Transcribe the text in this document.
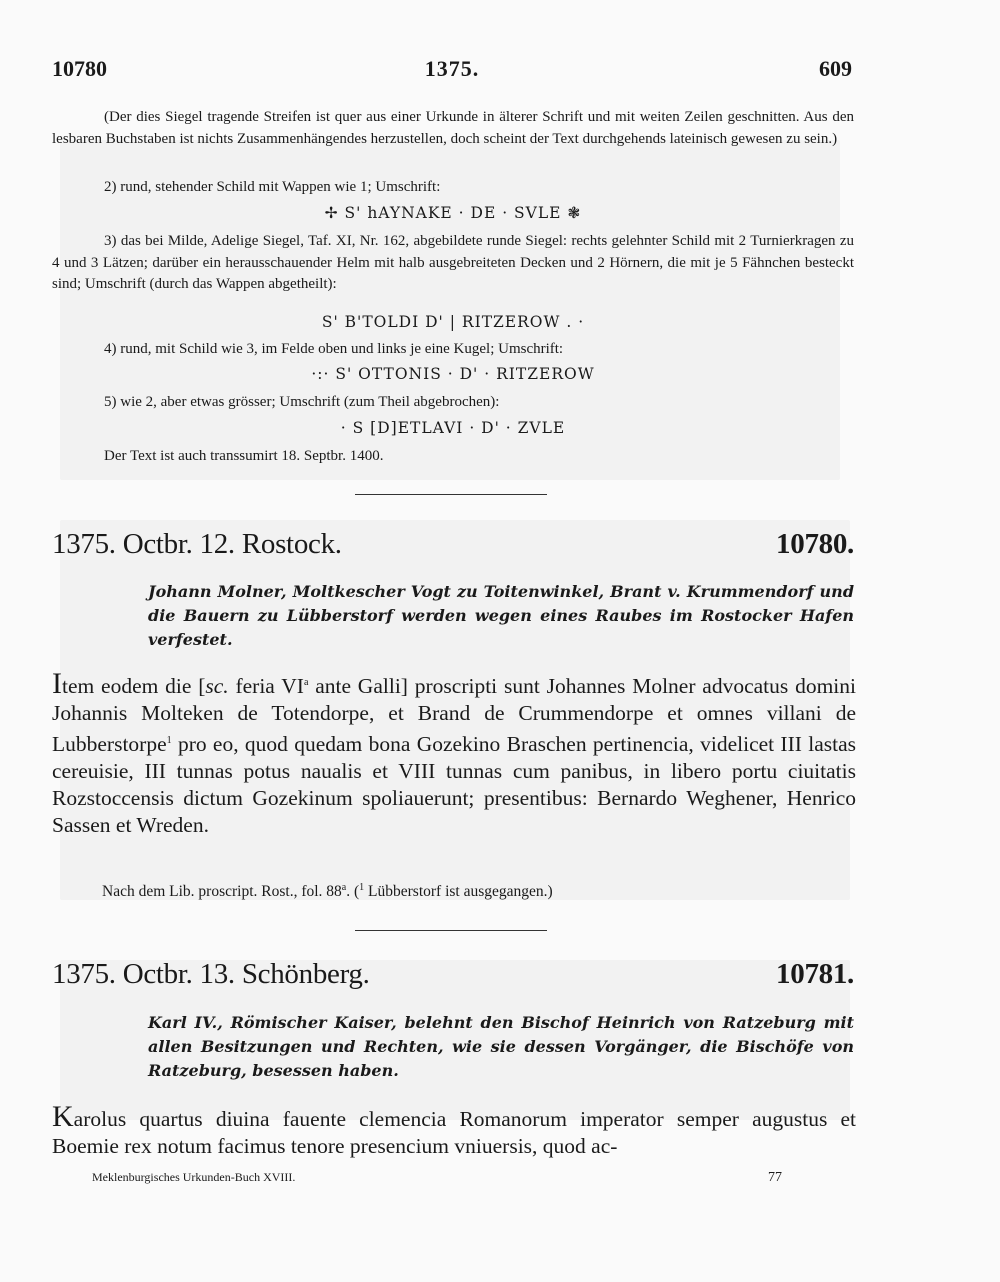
10780	1375.	609
(Der dies Siegel tragende Streifen ist quer aus einer Urkunde in älterer Schrift und mit weiten Zeilen geschnitten. Aus den lesbaren Buchstaben ist nichts Zusammenhängendes herzustellen, doch scheint der Text durchgehends lateinisch gewesen zu sein.)
2) rund, stehender Schild mit Wappen wie 1; Umschrift:
✢ S' hAYNAKE · DE · SVLE ❃
3) das bei Milde, Adelige Siegel, Taf. XI, Nr. 162, abgebildete runde Siegel: rechts gelehnter Schild mit 2 Turnierkragen zu 4 und 3 Lätzen; darüber ein herausschauender Helm mit halb ausgebreiteten Decken und 2 Hörnern, die mit je 5 Fähnchen besteckt sind; Umschrift (durch das Wappen abgetheilt):
S' B'TOLDI D' | RITZEROW . ·
4) rund, mit Schild wie 3, im Felde oben und links je eine Kugel; Umschrift:
·:· S' OTTONIS · D' · RITZEROW
5) wie 2, aber etwas grösser; Umschrift (zum Theil abgebrochen):
· S [D]ETLAVI · D' · ZVLE
Der Text ist auch transsumirt 18. Septbr. 1400.
1375. Octbr. 12. Rostock.	10780.
Johann Molner, Moltkescher Vogt zu Toitenwinkel, Brant v. Krummendorf und die Bauern zu Lübberstorf werden wegen eines Raubes im Rostocker Hafen verfestet.
Item eodem die [sc. feria $VI^a$ ante Galli] proscripti sunt Johannes Molner advocatus domini Johannis Molteken de Totendorpe, et Brand de Crummendorpe et omnes villani de Lubberstorpe$^1$ pro eo, quod quedam bona Gozekino Braschen pertinencia, videlicet III lastas cereuisie, III tunnas potus naualis et VIII tunnas cum panibus, in libero portu ciuitatis Rozstoccensis dictum Gozekinum spoliauerunt; presentibus: Bernardo Weghener, Henrico Sassen et Wreden.
Nach dem Lib. proscript. Rost., fol. 88$^a$. ($^1$ Lübberstorf ist ausgegangen.)
1375. Octbr. 13. Schönberg.	10781.
Karl IV., Römischer Kaiser, belehnt den Bischof Heinrich von Ratzeburg mit allen Besitzungen und Rechten, wie sie dessen Vorgänger, die Bischöfe von Ratzeburg, besessen haben.
Karolus quartus diuina fauente clemencia Romanorum imperator semper augustus et Boemie rex notum facimus tenore presencium vniuersis, quod ac-
Meklenburgisches Urkunden-Buch XVIII.	77
